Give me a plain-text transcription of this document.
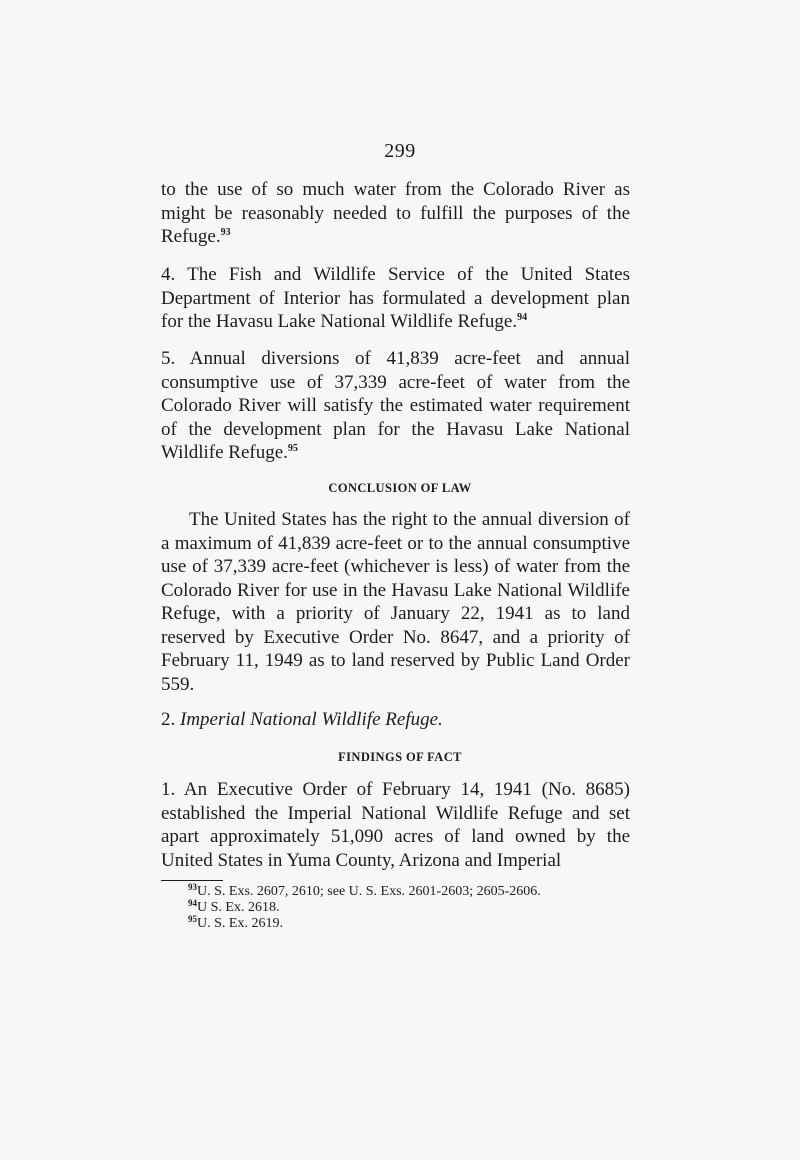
299

to the use of so much water from the Colorado River as might be reasonably needed to fulfill the purposes of the Refuge.$^{93}$

4. The Fish and Wildlife Service of the United States Department of Interior has formulated a development plan for the Havasu Lake National Wildlife Refuge.$^{94}$

5. Annual diversions of 41,839 acre-feet and annual consumptive use of 37,339 acre-feet of water from the Colorado River will satisfy the estimated water requirement of the development plan for the Havasu Lake National Wildlife Refuge.$^{95}$

CONCLUSION OF LAW

The United States has the right to the annual diversion of a maximum of 41,839 acre-feet or to the annual consumptive use of 37,339 acre-feet (whichever is less) of water from the Colorado River for use in the Havasu Lake National Wildlife Refuge, with a priority of January 22, 1941 as to land reserved by Executive Order No. 8647, and a priority of February 11, 1949 as to land reserved by Public Land Order 559.

2. Imperial National Wildlife Refuge.

FINDINGS OF FACT

1. An Executive Order of February 14, 1941 (No. 8685) established the Imperial National Wildlife Refuge and set apart approximately 51,090 acres of land owned by the United States in Yuma County, Arizona and Imperial

$^{93}$U. S. Exs. 2607, 2610; see U. S. Exs. 2601-2603; 2605-2606.
$^{94}$U S. Ex. 2618.
$^{95}$U. S. Ex. 2619.
